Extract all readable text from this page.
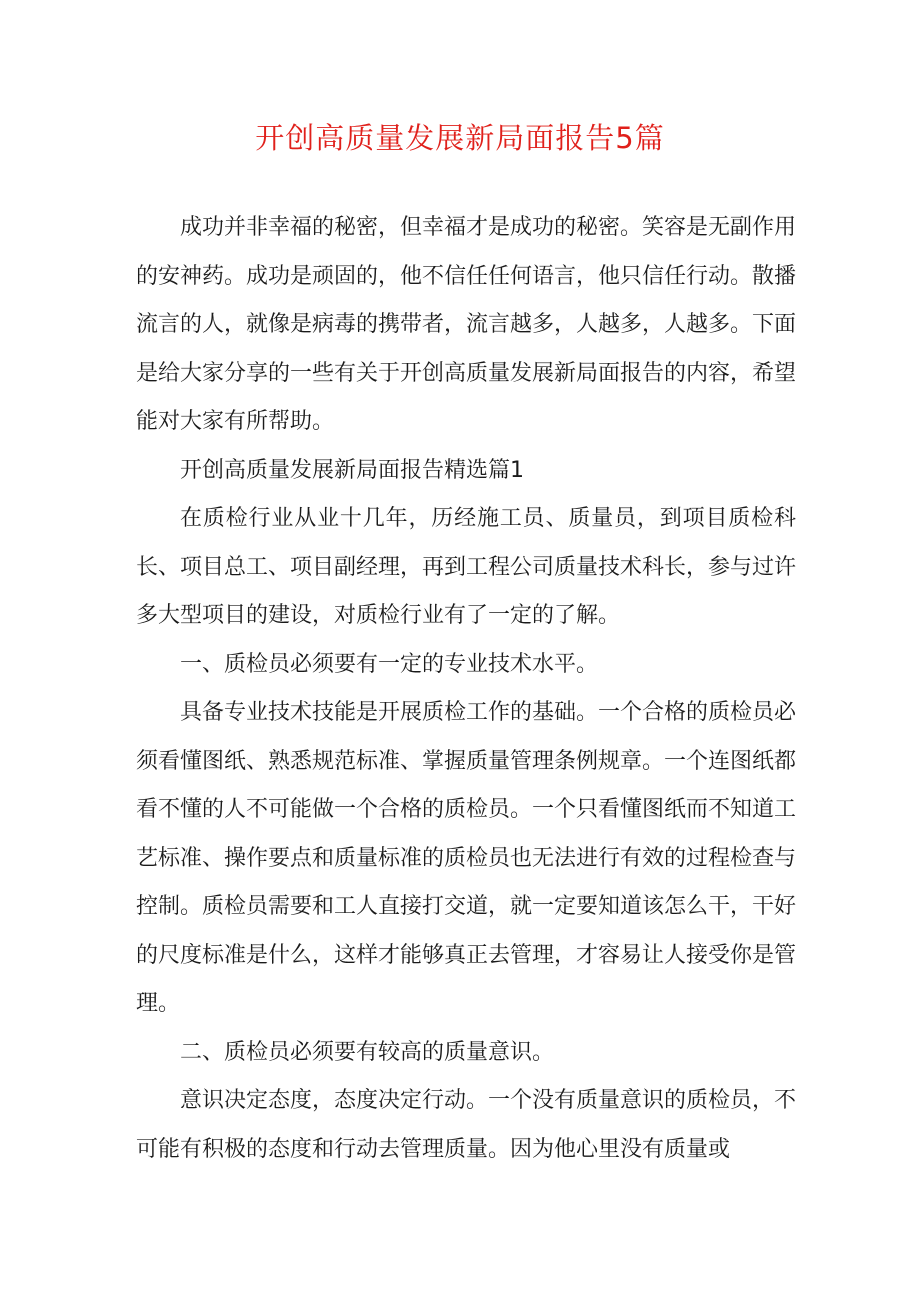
开创高质量发展新局面报告5篇

成功并非幸福的秘密，但幸福才是成功的秘密。笑容是无副作用的安神药。成功是顽固的，他不信任任何语言，他只信任行动。散播流言的人，就像是病毒的携带者，流言越多，人越多，人越多。下面是给大家分享的一些有关于开创高质量发展新局面报告的内容，希望能对大家有所帮助。

开创高质量发展新局面报告精选篇1

在质检行业从业十几年，历经施工员、质量员，到项目质检科长、项目总工、项目副经理，再到工程公司质量技术科长，参与过许多大型项目的建设，对质检行业有了一定的了解。

一、质检员必须要有一定的专业技术水平。

具备专业技术技能是开展质检工作的基础。一个合格的质检员必须看懂图纸、熟悉规范标准、掌握质量管理条例规章。一个连图纸都看不懂的人不可能做一个合格的质检员。一个只看懂图纸而不知道工艺标准、操作要点和质量标准的质检员也无法进行有效的过程检查与控制。质检员需要和工人直接打交道，就一定要知道该怎么干，干好的尺度标准是什么，这样才能够真正去管理，才容易让人接受你是管理。

二、质检员必须要有较高的质量意识。

意识决定态度，态度决定行动。一个没有质量意识的质检员，不可能有积极的态度和行动去管理质量。因为他心里没有质量或
